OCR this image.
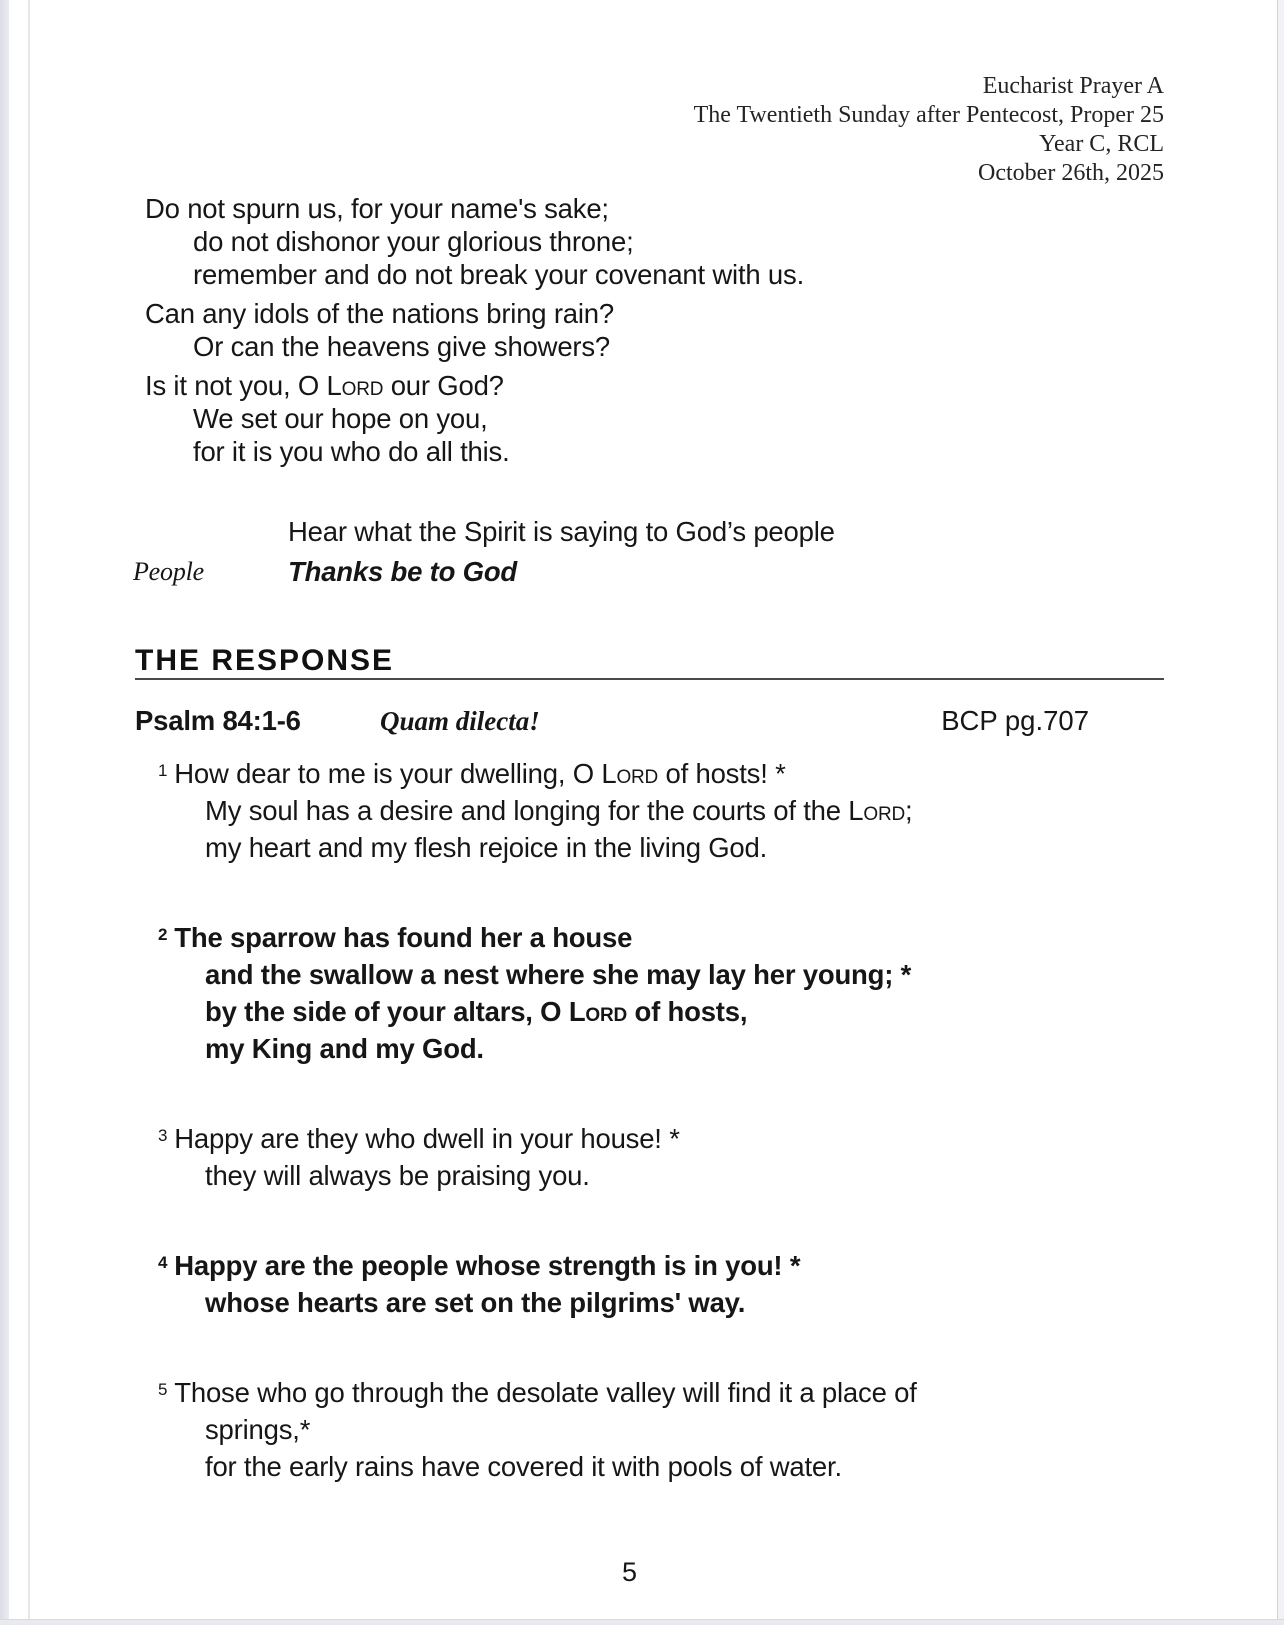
Eucharist Prayer A
The Twentieth Sunday after Pentecost, Proper 25
Year C, RCL
October 26th, 2025
Do not spurn us, for your name's sake;
do not dishonor your glorious throne;
remember and do not break your covenant with us.
Can any idols of the nations bring rain?
Or can the heavens give showers?
Is it not you, O Lord our God?
We set our hope on you,
for it is you who do all this.
Hear what the Spirit is saying to God’s people
People	Thanks be to God
THE RESPONSE
Psalm 84:1-6	Quam dilecta!	BCP pg.707
1 How dear to me is your dwelling, O Lord of hosts! *
My soul has a desire and longing for the courts of the Lord;
my heart and my flesh rejoice in the living God.
2 The sparrow has found her a house
and the swallow a nest where she may lay her young; *
by the side of your altars, O Lord of hosts,
my King and my God.
3 Happy are they who dwell in your house! *
they will always be praising you.
4 Happy are the people whose strength is in you! *
whose hearts are set on the pilgrims' way.
5 Those who go through the desolate valley will find it a place of
springs,*
for the early rains have covered it with pools of water.
5
